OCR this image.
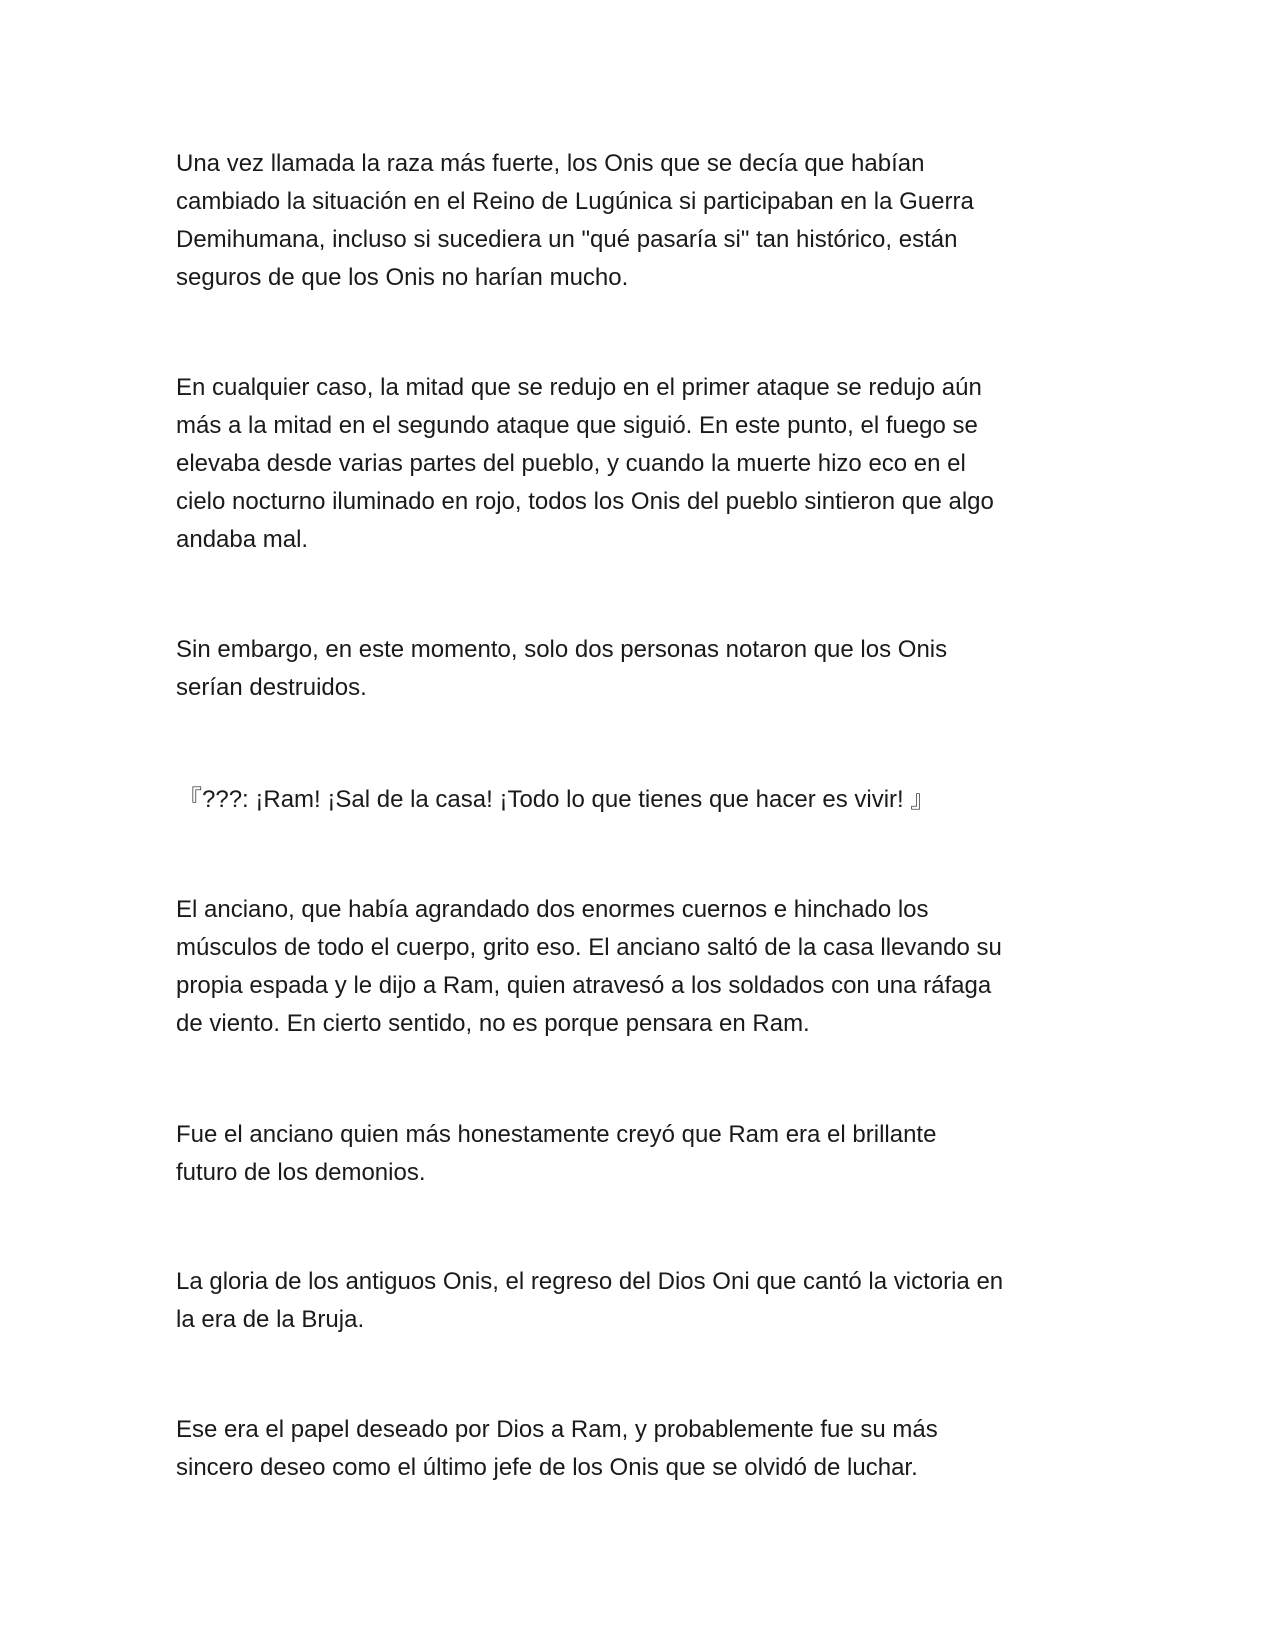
Una vez llamada la raza más fuerte, los Onis que se decía que habían
cambiado la situación en el Reino de Lugúnica si participaban en la Guerra
Demihumana, incluso si sucediera un "qué pasaría si" tan histórico, están
seguros de que los Onis no harían mucho.

En cualquier caso, la mitad que se redujo en el primer ataque se redujo aún
más a la mitad en el segundo ataque que siguió. En este punto, el fuego se
elevaba desde varias partes del pueblo, y cuando la muerte hizo eco en el
cielo nocturno iluminado en rojo, todos los Onis del pueblo sintieron que algo
andaba mal.

Sin embargo, en este momento, solo dos personas notaron que los Onis
serían destruidos.

『???: ¡Ram! ¡Sal de la casa! ¡Todo lo que tienes que hacer es vivir! 』

El anciano, que había agrandado dos enormes cuernos e hinchado los
músculos de todo el cuerpo, grito eso. El anciano saltó de la casa llevando su
propia espada y le dijo a Ram, quien atravesó a los soldados con una ráfaga
de viento. En cierto sentido, no es porque pensara en Ram.

Fue el anciano quien más honestamente creyó que Ram era el brillante
futuro de los demonios.

La gloria de los antiguos Onis, el regreso del Dios Oni que cantó la victoria en
la era de la Bruja.

Ese era el papel deseado por Dios a Ram, y probablemente fue su más
sincero deseo como el último jefe de los Onis que se olvidó de luchar.
